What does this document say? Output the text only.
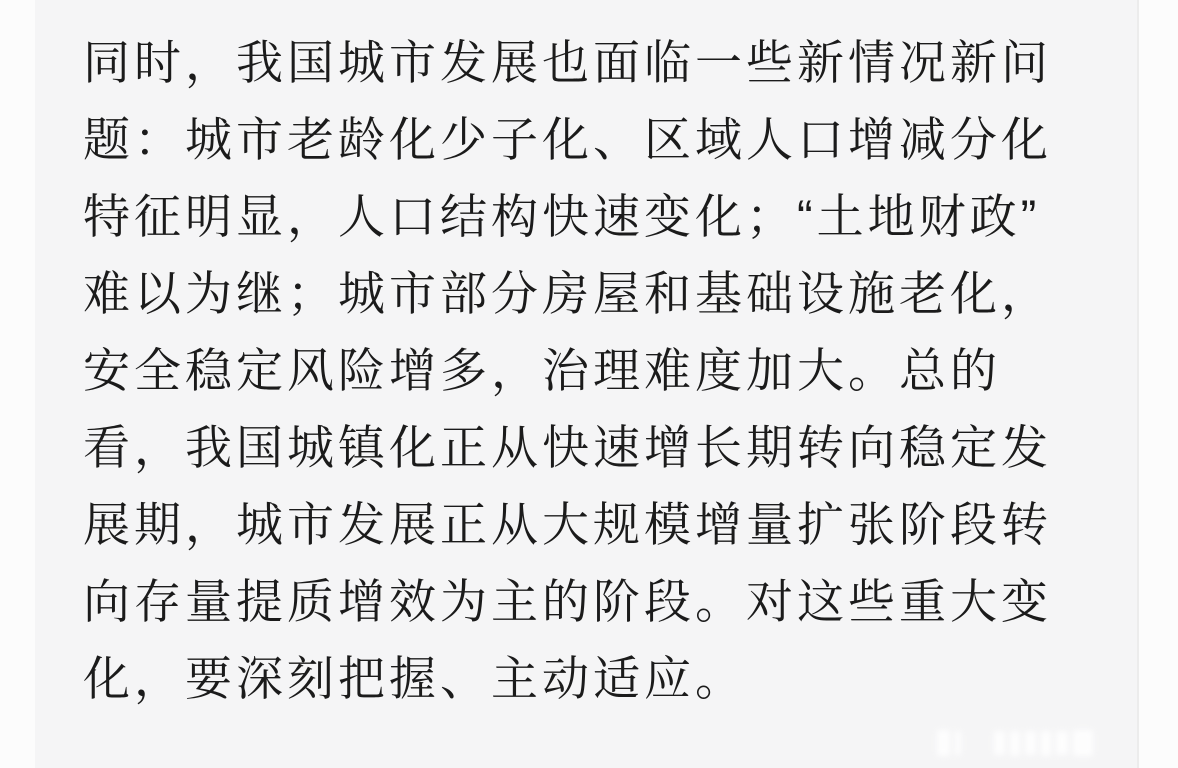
同时，我国城市发展也面临一些新情况新问
题：城市老龄化少子化、区域人口增减分化
特征明显，人口结构快速变化；“土地财政”
难以为继；城市部分房屋和基础设施老化，
安全稳定风险增多，治理难度加大。总的
看，我国城镇化正从快速增长期转向稳定发
展期，城市发展正从大规模增量扩张阶段转
向存量提质增效为主的阶段。对这些重大变
化，要深刻把握、主动适应。
